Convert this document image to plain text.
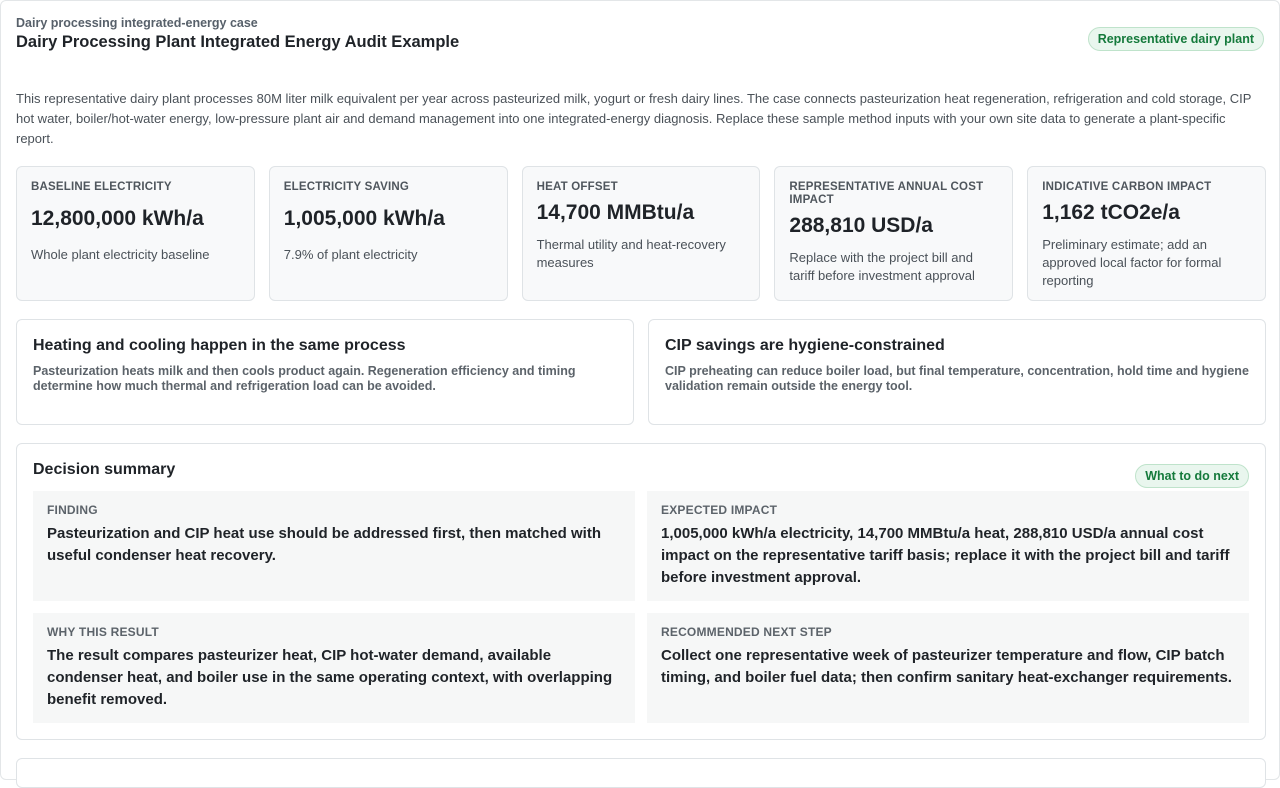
Dairy processing integrated-energy case
Dairy Processing Plant Integrated Energy Audit Example	Representative dairy plant

This representative dairy plant processes 80M liter milk equivalent per year across pasteurized milk, yogurt or fresh dairy lines. The case connects pasteurization heat regeneration, refrigeration and cold storage, CIP hot water, boiler/hot-water energy, low-pressure plant air and demand management into one integrated-energy diagnosis. Replace these sample method inputs with your own site data to generate a plant-specific report.

BASELINE ELECTRICITY
12,800,000 kWh/a
Whole plant electricity baseline
ELECTRICITY SAVING
1,005,000 kWh/a
7.9% of plant electricity
HEAT OFFSET
14,700 MMBtu/a
Thermal utility and heat-recovery measures
REPRESENTATIVE ANNUAL COST IMPACT
288,810 USD/a
Replace with the project bill and tariff before investment approval
INDICATIVE CARBON IMPACT
1,162 tCO2e/a
Preliminary estimate; add an approved local factor for formal reporting
Heating and cooling happen in the same process
Pasteurization heats milk and then cools product again. Regeneration efficiency and timing determine how much thermal and refrigeration load can be avoided.
CIP savings are hygiene-constrained
CIP preheating can reduce boiler load, but final temperature, concentration, hold time and hygiene validation remain outside the energy tool.
Decision summary	What to do next
FINDING
Pasteurization and CIP heat use should be addressed first, then matched with useful condenser heat recovery.
EXPECTED IMPACT
1,005,000 kWh/a electricity, 14,700 MMBtu/a heat, 288,810 USD/a annual cost impact on the representative tariff basis; replace it with the project bill and tariff before investment approval.
WHY THIS RESULT
The result compares pasteurizer heat, CIP hot-water demand, available condenser heat, and boiler use in the same operating context, with overlapping benefit removed.
RECOMMENDED NEXT STEP
Collect one representative week of pasteurizer temperature and flow, CIP batch timing, and boiler fuel data; then confirm sanitary heat-exchanger requirements.
